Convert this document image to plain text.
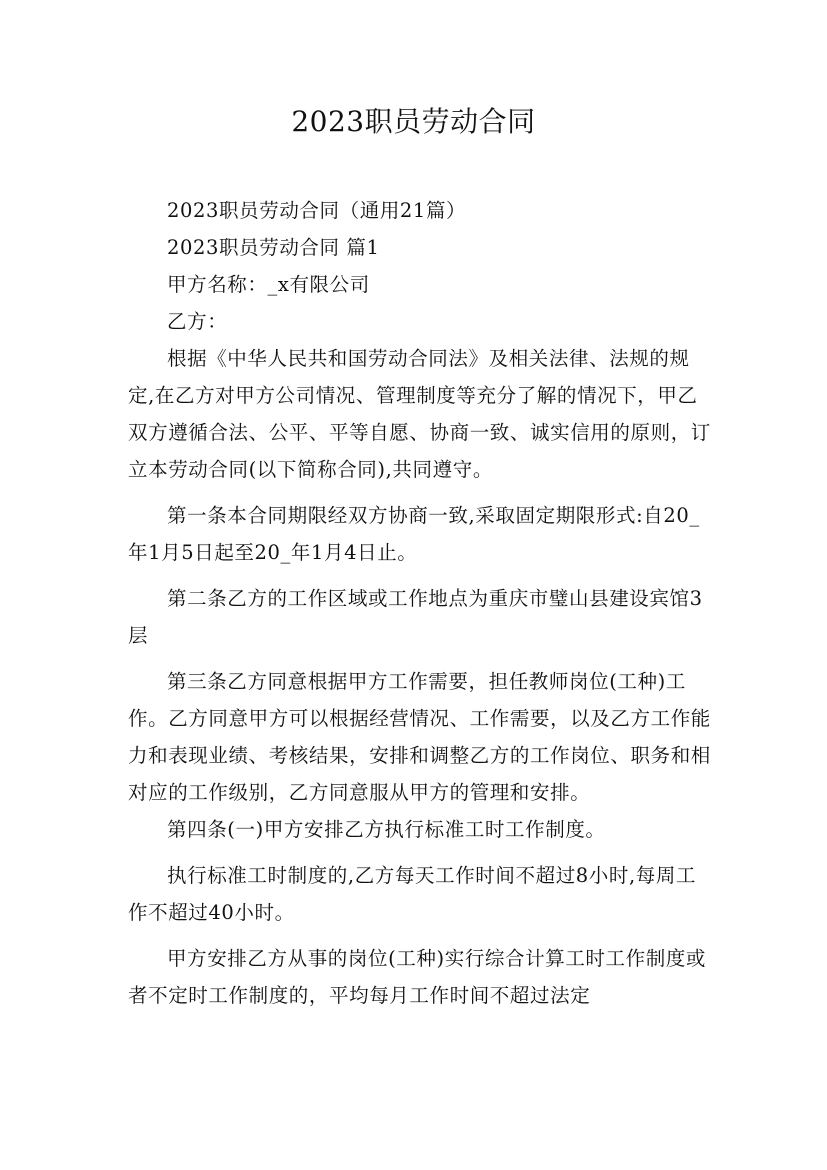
2023职员劳动合同

2023职员劳动合同（通用21篇）

2023职员劳动合同 篇1

甲方名称：_x有限公司

乙方：

根据《中华人民共和国劳动合同法》及相关法律、法规的规定,在乙方对甲方公司情况、管理制度等充分了解的情况下，甲乙双方遵循合法、公平、平等自愿、协商一致、诚实信用的原则，订立本劳动合同(以下简称合同),共同遵守。

第一条本合同期限经双方协商一致,采取固定期限形式:自20_年1月5日起至20_年1月4日止。

第二条乙方的工作区域或工作地点为重庆市璧山县建设宾馆3层

第三条乙方同意根据甲方工作需要，担任教师岗位(工种)工作。乙方同意甲方可以根据经营情况、工作需要，以及乙方工作能力和表现业绩、考核结果，安排和调整乙方的工作岗位、职务和相对应的工作级别，乙方同意服从甲方的管理和安排。

第四条(一)甲方安排乙方执行标准工时工作制度。

执行标准工时制度的,乙方每天工作时间不超过8小时,每周工作不超过40小时。

甲方安排乙方从事的岗位(工种)实行综合计算工时工作制度或者不定时工作制度的，平均每月工作时间不超过法定
